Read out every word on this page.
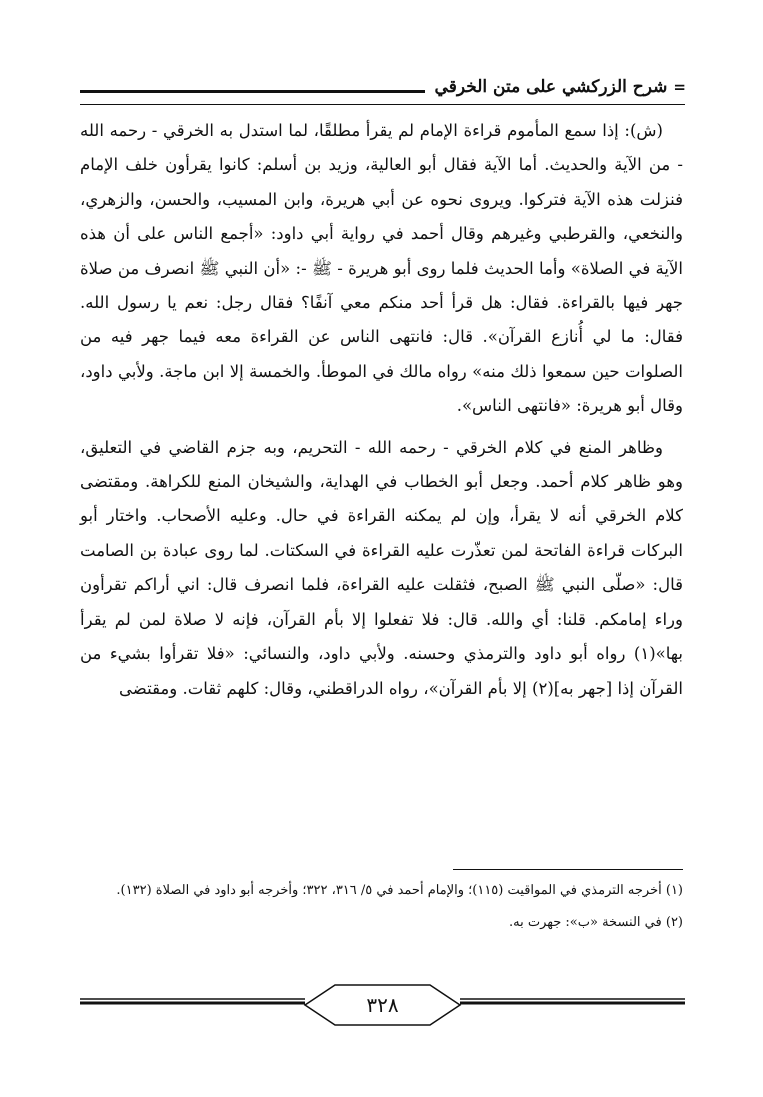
=
شرح الزركشي على متن الخرقي

(ش): إذا سمع المأموم قراءة الإمام لم يقرأ مطلقًا، لما استدل به الخرقي - رحمه الله - من الآية والحديث. أما الآية فقال أبو العالية، وزيد بن أسلم: كانوا يقرأون خلف الإمام فنزلت هذه الآية فتركوا. ويروى نحوه عن أبي هريرة، وابن المسيب، والحسن، والزهري، والنخعي، والقرطبي وغيرهم وقال أحمد في رواية أبي داود: «أجمع الناس على أن هذه الآية في الصلاة» وأما الحديث فلما روى أبو هريرة - ﷺ -: «أن النبي ﷺ انصرف من صلاة جهر فيها بالقراءة. فقال: هل قرأ أحد منكم معي آنفًا؟ فقال رجل: نعم يا رسول الله. فقال: ما لي أُنازع القرآن». قال: فانتهى الناس عن القراءة معه فيما جهر فيه من الصلوات حين سمعوا ذلك منه» رواه مالك في الموطأ. والخمسة إلا ابن ماجة. ولأبي داود، وقال أبو هريرة: «فانتهى الناس».

وظاهر المنع في كلام الخرقي - رحمه الله - التحريم، وبه جزم القاضي في التعليق، وهو ظاهر كلام أحمد. وجعل أبو الخطاب في الهداية، والشيخان المنع للكراهة. ومقتضى كلام الخرقي أنه لا يقرأ، وإن لم يمكنه القراءة في حال. وعليه الأصحاب. واختار أبو البركات قراءة الفاتحة لمن تعذّرت عليه القراءة في السكتات. لما روى عبادة بن الصامت قال: «صلّى النبي ﷺ الصبح، فثقلت عليه القراءة، فلما انصرف قال: اني أراكم تقرأون وراء إمامكم. قلنا: أي والله. قال: فلا تفعلوا إلا بأم القرآن، فإنه لا صلاة لمن لم يقرأ بها»(١) رواه أبو داود والترمذي وحسنه. ولأبي داود، والنسائي: «فلا تقرأوا بشيء من القرآن إذا [جهر به](٢) إلا بأم القرآن»، رواه الدراقطني، وقال: كلهم ثقات. ومقتضى

(١) أخرجه الترمذي في المواقيت (١١٥)؛ والإمام أحمد في ٥/ ٣١٦، ٣٢٢؛ وأخرجه أبو داود في الصلاة (١٣٢).

(٢) في النسخة «ب»: جهرت به.

٣٢٨
